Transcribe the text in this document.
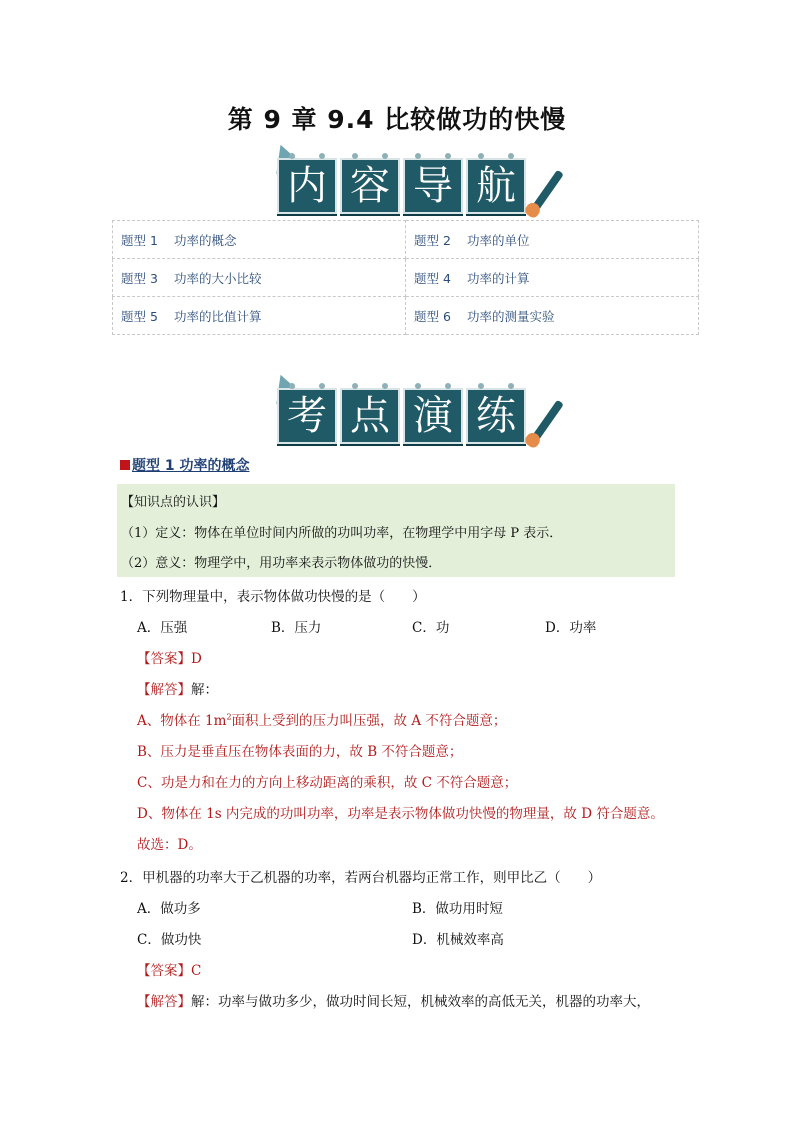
第 9 章 9.4 比较做功的快慢
内 容 导 航
题型 1 功率的概念	题型 2 功率的单位
题型 3 功率的大小比较	题型 4 功率的计算
题型 5 功率的比值计算	题型 6 功率的测量实验
考 点 演 练
题型 1 功率的概念
【知识点的认识】
（1）定义：物体在单位时间内所做的功叫功率，在物理学中用字母 P 表示．
（2）意义：物理学中，用功率来表示物体做功的快慢．
1．下列物理量中，表示物体做功快慢的是（　　）
A．压强	B．压力	C．功	D．功率
【答案】D
【解答】解：
A、物体在 $1m^2$面积上受到的压力叫压强，故 A 不符合题意；
B、压力是垂直压在物体表面的力，故 B 不符合题意；
C、功是力和在力的方向上移动距离的乘积，故 C 不符合题意；
D、物体在 1s 内完成的功叫功率，功率是表示物体做功快慢的物理量，故 D 符合题意。
故选：D。
2．甲机器的功率大于乙机器的功率，若两台机器均正常工作，则甲比乙（　　）
A．做功多	B．做功用时短
C．做功快	D．机械效率高
【答案】C
【解答】解：功率与做功多少，做功时间长短，机械效率的高低无关，机器的功率大，
